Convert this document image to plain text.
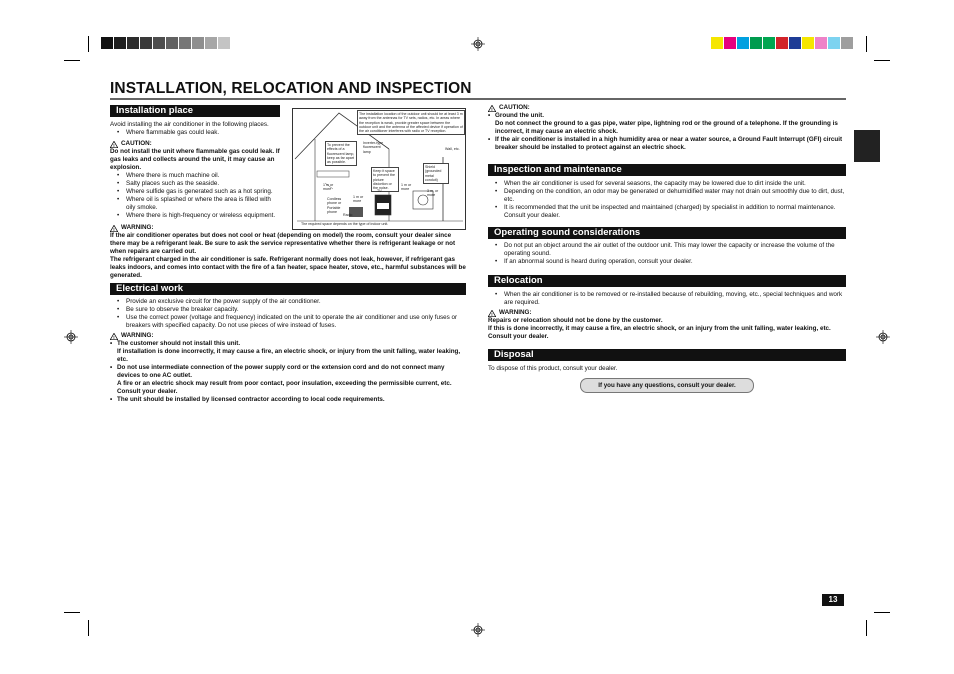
INSTALLATION, RELOCATION AND INSPECTION
Installation place
Avoid installing the air conditioner in the following places.
• Where flammable gas could leak.
! CAUTION:
Do not install the unit where flammable gas could leak. If gas leaks and collects around the unit, it may cause an explosion.
• Where there is much machine oil.
• Salty places such as the seaside.
• Where sulfide gas is generated such as a hot spring.
• Where oil is splashed or where the area is filled with oily smoke.
• Where there is high-frequency or wireless equipment.
The installation location of the outdoor unit should be at least 3 m away from the antennas for TV sets, radios, etc. In areas where the reception is weak, provide greater space between the outdoor unit and the antenna of the affected device if operation of the air conditioner interferes with radio or TV reception.
To prevent the effects of a fluorescent lamp, keep as far apart as possible.
Inverter-type fluorescent lamp
Keep it space to prevent the picture distortion or the noise.
Wall, etc.
Shield (grounded metal conduit)
1 m or more
1 m or more
1 m or more
Cordless phone or Portable phone
Radio
TV	3 m, or more
The required space depends on the type of indoor unit.
! WARNING:
If the air conditioner operates but does not cool or heat (depending on model) the room, consult your dealer since there may be a refrigerant leak. Be sure to ask the service representative whether there is refrigerant leakage or not when repairs are carried out.
The refrigerant charged in the air conditioner is safe. Refrigerant normally does not leak, however, if refrigerant gas leaks indoors, and comes into contact with the fire of a fan heater, space heater, stove, etc., harmful substances will be generated.
Electrical work
• Provide an exclusive circuit for the power supply of the air conditioner.
• Be sure to observe the breaker capacity.
• Use the correct power (voltage and frequency) indicated on the unit to operate the air conditioner and use only fuses or breakers with specified capacity. Do not use pieces of wire instead of fuses.
! WARNING:
• The customer should not install this unit.
If installation is done incorrectly, it may cause a fire, an electric shock, or injury from the unit falling, water leaking, etc.
• Do not use intermediate connection of the power supply cord or the extension cord and do not connect many devices to one AC outlet.
A fire or an electric shock may result from poor contact, poor insulation, exceeding the permissible current, etc. Consult your dealer.
• The unit should be installed by licensed contractor according to local code requirements.
! CAUTION:
• Ground the unit.
Do not connect the ground to a gas pipe, water pipe, lightning rod or the ground of a telephone. If the grounding is incorrect, it may cause an electric shock.
• If the air conditioner is installed in a high humidity area or near a water source, a Ground Fault Interrupt (GFI) circuit breaker should be installed to protect against an electric shock.
Inspection and maintenance
• When the air conditioner is used for several seasons, the capacity may be lowered due to dirt inside the unit.
• Depending on the condition, an odor may be generated or dehumidified water may not drain out smoothly due to dirt, dust, etc.
• It is recommended that the unit be inspected and maintained (charged) by specialist in addition to normal maintenance. Consult your dealer.
Operating sound considerations
• Do not put an object around the air outlet of the outdoor unit. This may lower the capacity or increase the volume of the operating sound.
• If an abnormal sound is heard during operation, consult your dealer.
Relocation
• When the air conditioner is to be removed or re-installed because of rebuilding, moving, etc., special techniques and work are required.
! WARNING:
Repairs or relocation should not be done by the customer.
If this is done incorrectly, it may cause a fire, an electric shock, or an injury from the unit falling, water leaking, etc. Consult your dealer.
Disposal
To dispose of this product, consult your dealer.
If you have any questions, consult your dealer.
13
